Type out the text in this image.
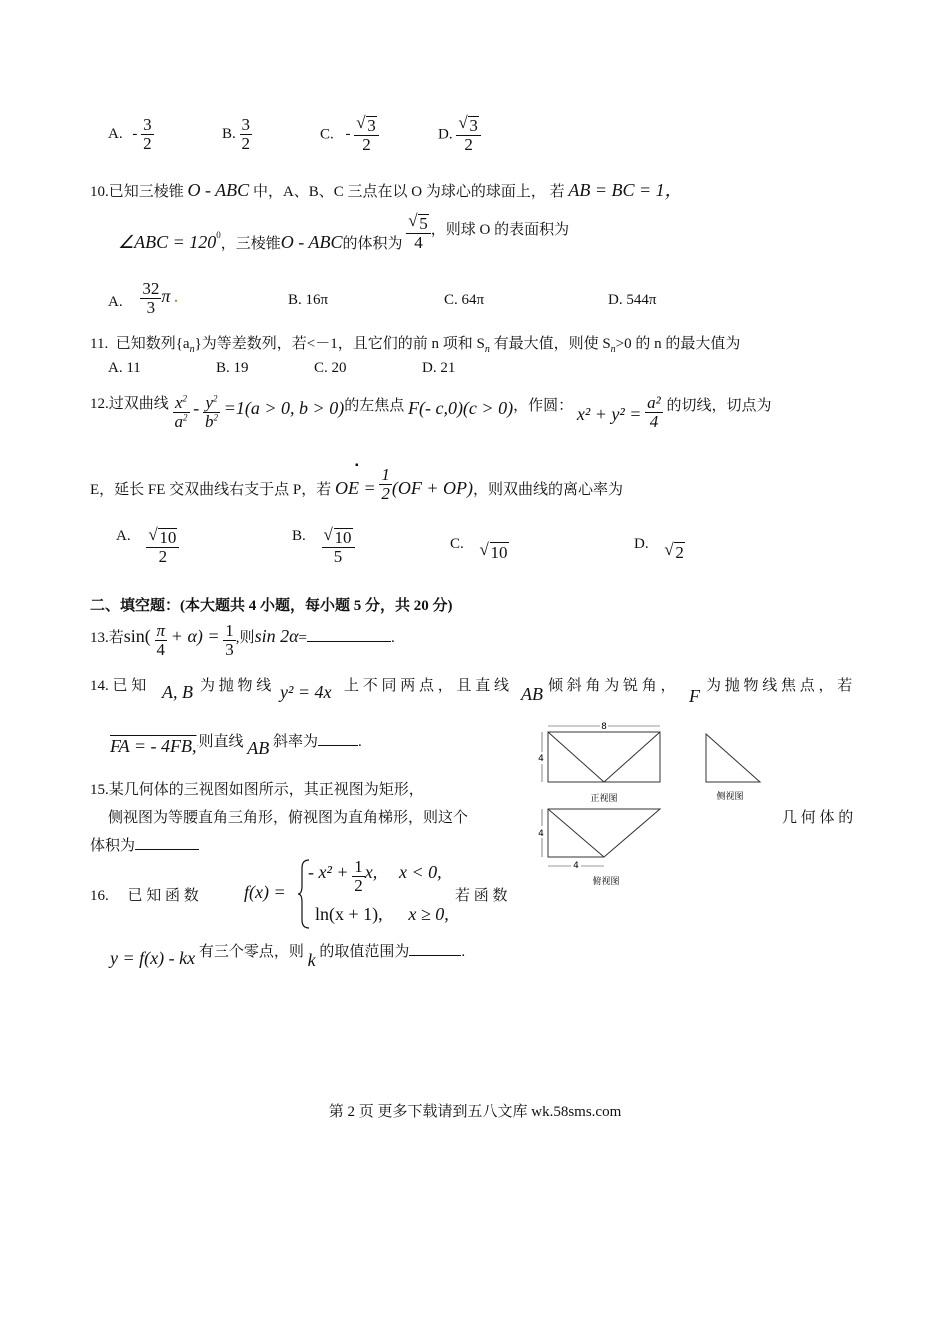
A. - $\frac{3}{2}$	B. $\frac{3}{2}$	C. - √ $\frac{3}{2}$	D. √ $\frac{3}{2}$
10.已知三棱锥 O - ABC 中，A、B、C 三点在以 O 为球心的球面上， 若 AB = BC = 1，
∠ABC = $120^0$，三棱锥O - ABC的体积为 √ $\frac{5}{4}$ ，则球 O 的表面积为
A. $\frac{32}{3}$ π .	B. 16π	C. 64π	D. 544π
11. 已知数列$\{a_n\}$为等差数列，若<－1，且它们的前 n 项和 $S_n$ 有最大值，则使 $S_n>0$ 的 n 的最大值为
A. 11	B. 19	C. 20	D. 21
12.过双曲线 $\frac{x^2}{a^2} - \frac{y^2}{b^2} =1(a > 0$, b > 0)的左焦点 F(- c,0)(c > 0)，作圆： $x^2 + y^2 = \frac{\text{a²}}{4}$ 的切线，切点为
▪
E，延长 FE 交双曲线右支于点 P，若 OE = $\frac{1}{2} (OF + OP)$，则双曲线的离心率为
A. √ $\frac{10}{2}$	B. √ $\frac{10}{5}$	C. √ 10	D. √ 2
二、填空题：(本大题共 4 小题，每小题 5 分，共 20 分)
13.若$\sin( \frac{\pi}{4} + \alpha) = \frac{1}{3}$ ,则sin 2α=	.
14. 已 知 A, B 为 抛 物 线 y² = 4x 上 不 同 两 点 ， 且 直 线 AB 倾 斜 角 为 锐 角 ， F 为 抛 物 线 焦 点 ， 若
FA = - 4FB,.则直线 AB 斜率为	.
15.某几何体的三视图如图所示，其正视图为矩形，
侧视图为等腰直角三角形，俯视图为直角梯形，则这个	几 何 体 的
体积为
8
4
正视图	侧视图
4
4
俯视图
16. 已 知 函 数	f(x) =
- $x^2 + \frac{1}{2} x$, x < 0,
ln(x + 1), x ≥ 0,
若 函 数
y = f(x) - kx 有三个零点，则 k 的取值范围为	.
第 2 页 更多下载请到五八文库 wk.58sms.com
